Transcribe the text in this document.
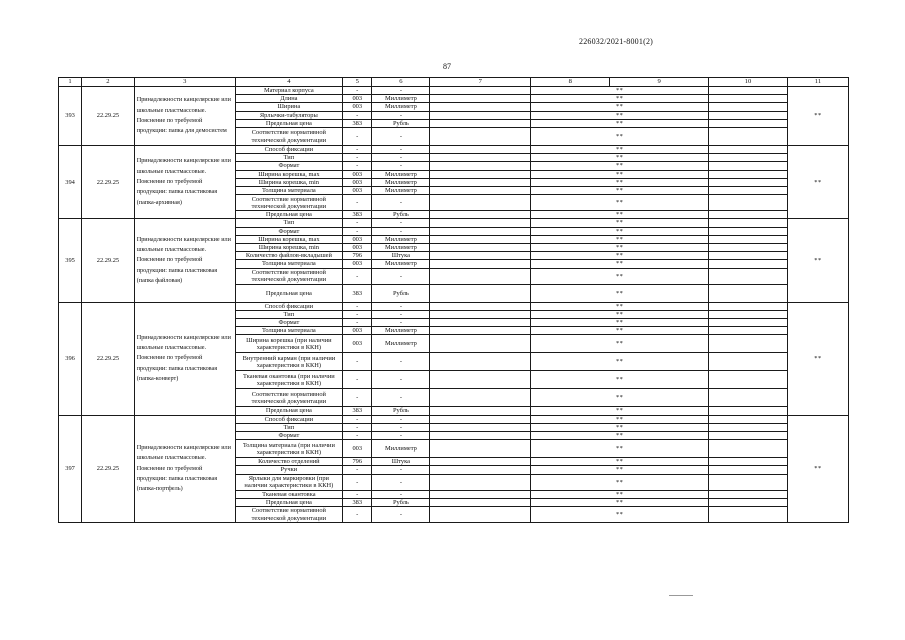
226032/2021-8001(2)
87
1	2	3	4	5	6	7	8	9	10	11
393	22.29.25	Принадлежности канцелярские или школьные пластмассовые. Пояснение по требуемой продукции: папка для демосистем	Материал корпуса	-	-		**			**
			Длина	003	Миллиметр		**			
			Ширина	003	Миллиметр		**			
			Ярлычки-табуляторы	-	-		**			
			Предельная цена	383	Рубль		**			
			Соответствие нормативной технической документации	-	-		**			
394	22.29.25	Принадлежности канцелярские или школьные пластмассовые. Пояснение по требуемой продукции: папка пластиковая (папка-архивная)	Способ фиксации	-	-		**			**
			Тип	-	-		**			
			Формат	-	-		**			
			Ширина корешка, max	003	Миллиметр		**			
			Ширина корешка, min	003	Миллиметр		**			
			Толщина материала	003	Миллиметр		**			
			Соответствие нормативной технической документации	-	-		**			
			Предельная цена	383	Рубль		**			
395	22.29.25	Принадлежности канцелярские или школьные пластмассовые. Пояснение по требуемой продукции: папка пластиковая (папка файловая)	Тип	-	-		**			**
			Формат	-	-		**			
			Ширина корешка, max	003	Миллиметр		**			
			Ширина корешка, min	003	Миллиметр		**			
			Количество файлов-вкладышей	796	Штука		**			
			Толщина материала	003	Миллиметр		**			
			Соответствие нормативной технической документации	-	-		**			
			Предельная цена	383	Рубль		**			
396	22.29.25	Принадлежности канцелярские или школьные пластмассовые. Пояснение по требуемой продукции: папка пластиковая (папка-конверт)	Способ фиксации	-	-		**			**
			Тип	-	-		**			
			Формат	-	-		**			
			Толщина материала	003	Миллиметр		**			
			Ширина корешка (при наличии характеристики в ККН)	003	Миллиметр		**			
			Внутренний карман (при наличии характеристики в ККН)	-	-		**			
			Тканевая окантовка (при наличии характеристики в ККН)	-	-		**			
			Соответствие нормативной технической документации	-	-		**			
			Предельная цена	383	Рубль		**			
397	22.29.25	Принадлежности канцелярские или школьные пластмассовые. Пояснение по требуемой продукции: папка пластиковая (папка-портфель)	Способ фиксации	-	-		**			**
			Тип	-	-		**			
			Формат	-	-		**			
			Толщина материала (при наличии характеристики в ККН)	003	Миллиметр		**			
			Количество отделений	796	Штука		**			
			Ручки	-	-		**			
			Ярлыки для маркировки (при наличии характеристики в ККН)	-	-		**			
			Тканевая окантовка	-	-		**			
			Предельная цена	383	Рубль		**			
			Соответствие нормативной технической документации	-	-		**			
